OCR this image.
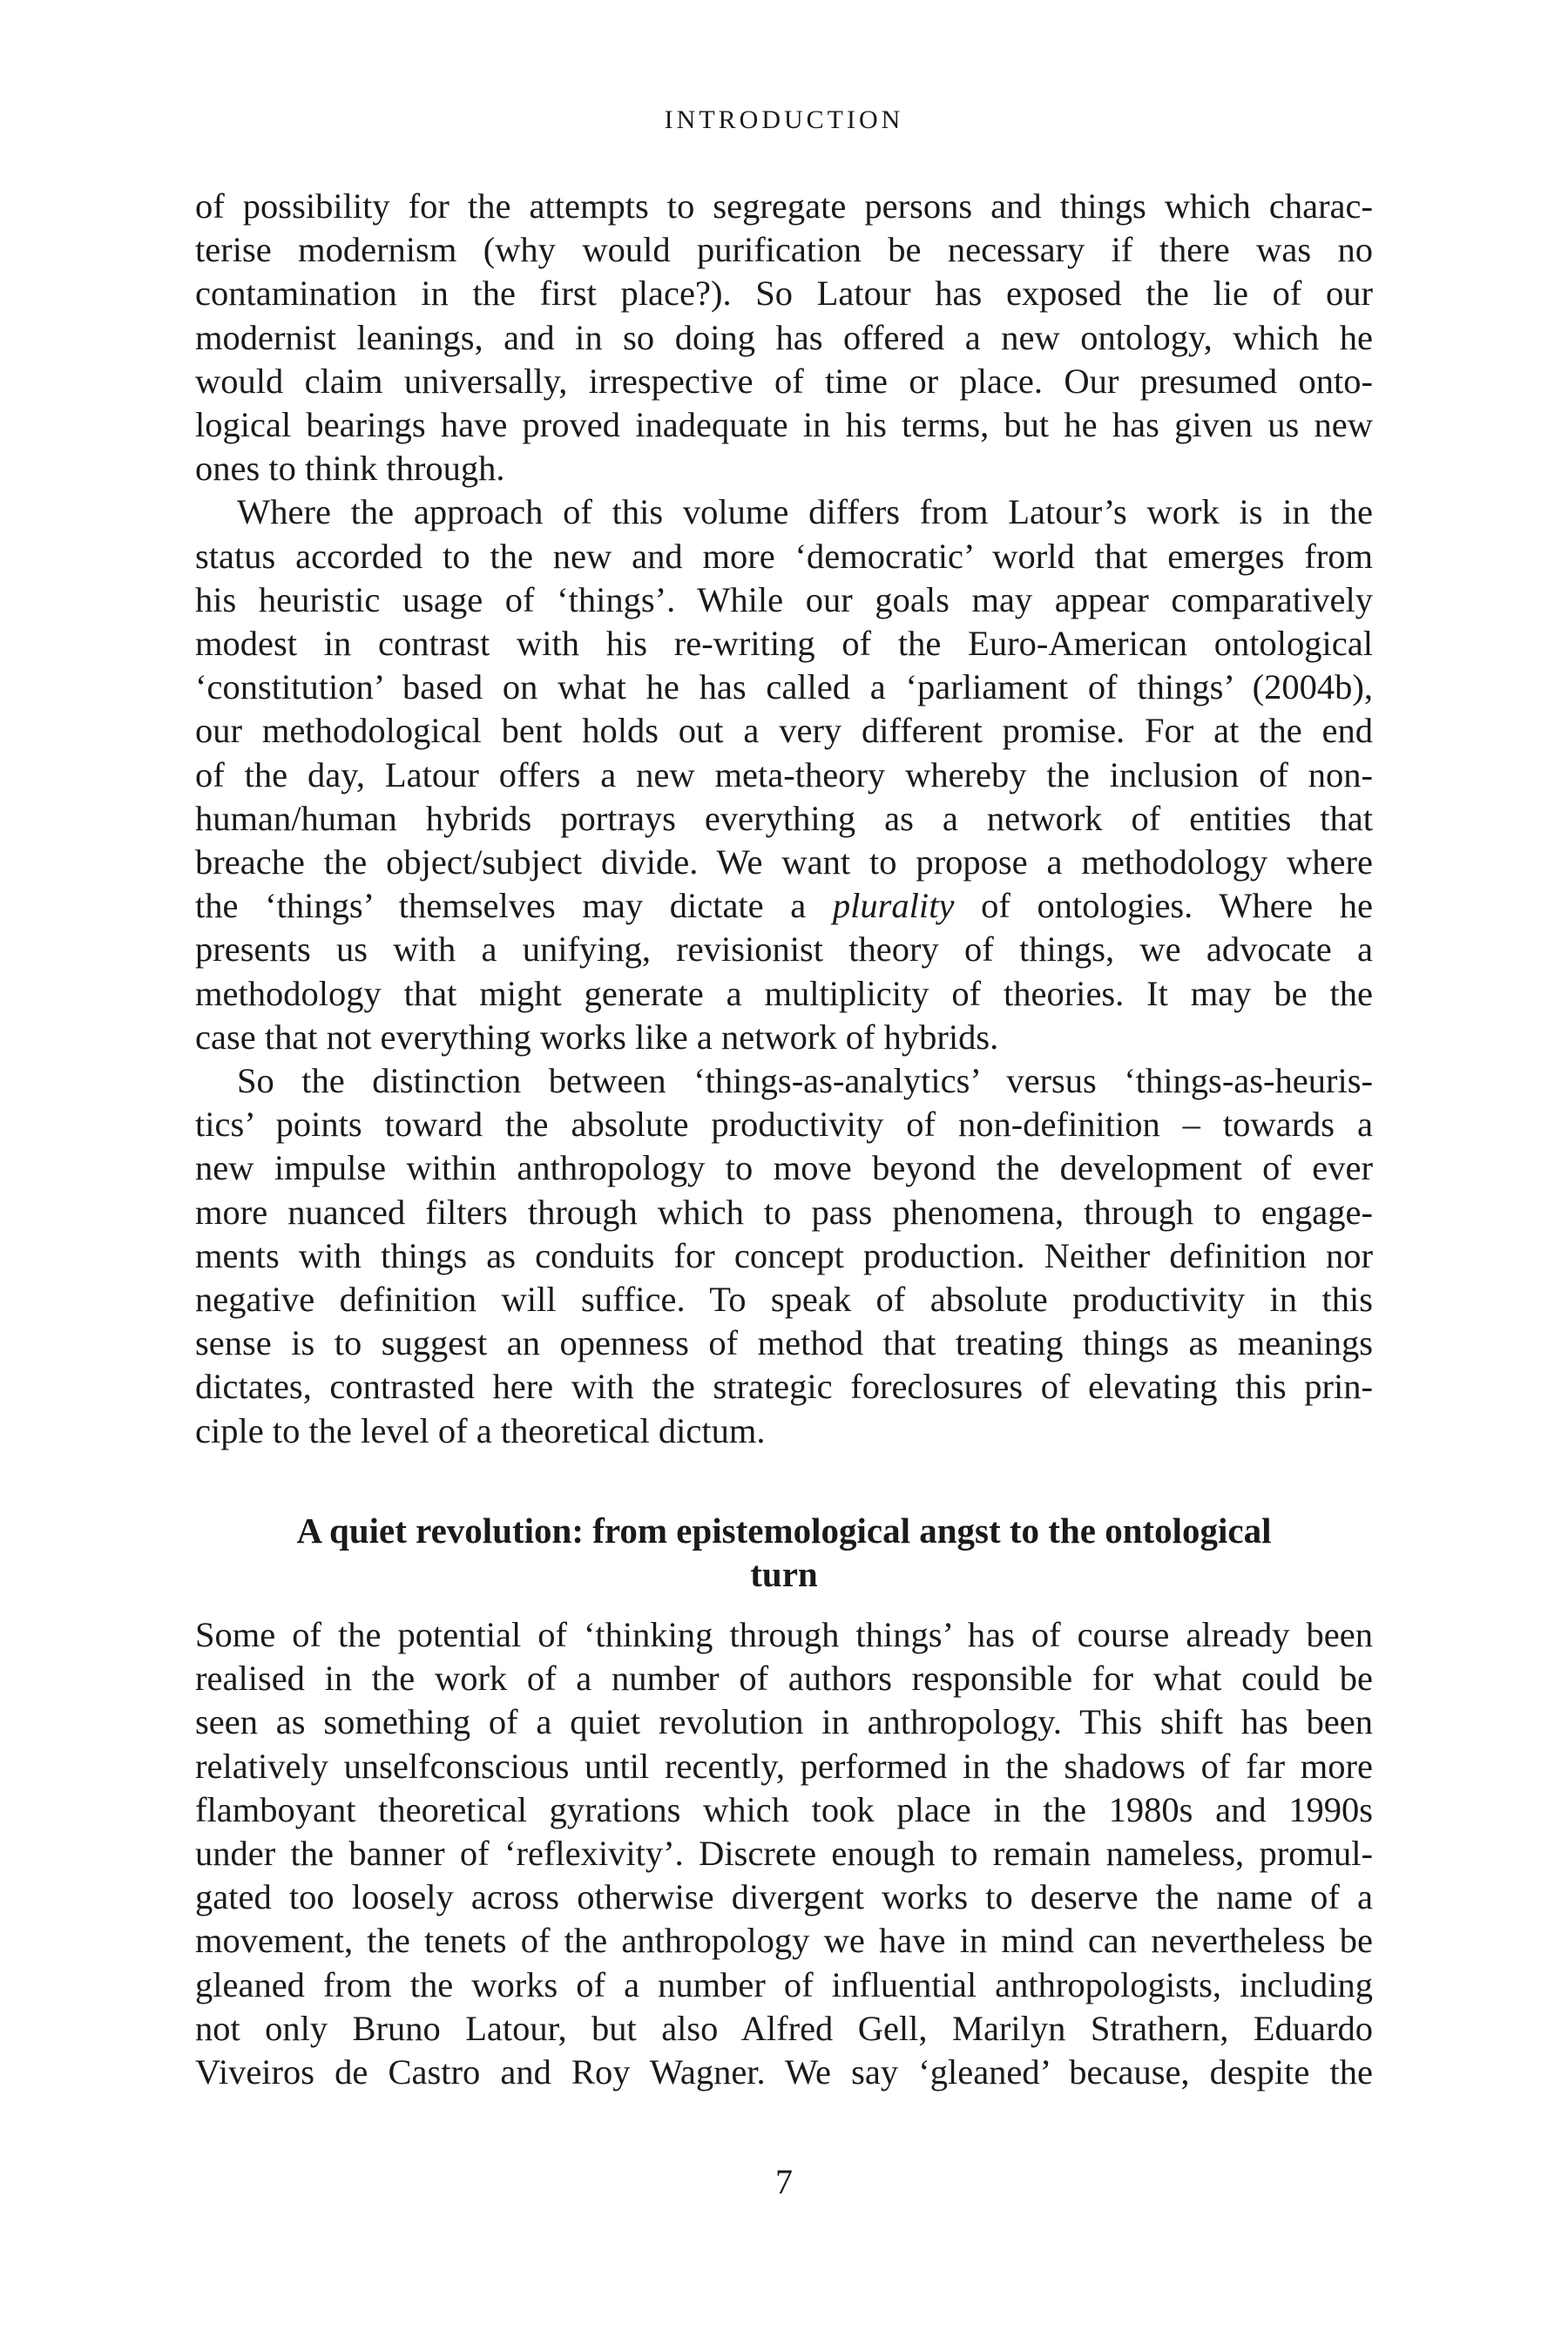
INTRODUCTION
of possibility for the attempts to segregate persons and things which charac-
terise modernism (why would purification be necessary if there was no
contamination in the first place?). So Latour has exposed the lie of our
modernist leanings, and in so doing has offered a new ontology, which he
would claim universally, irrespective of time or place. Our presumed onto-
logical bearings have proved inadequate in his terms, but he has given us new
ones to think through.
Where the approach of this volume differs from Latour’s work is in the
status accorded to the new and more ‘democratic’ world that emerges from
his heuristic usage of ‘things’. While our goals may appear comparatively
modest in contrast with his re-writing of the Euro-American ontological
‘constitution’ based on what he has called a ‘parliament of things’ (2004b),
our methodological bent holds out a very different promise. For at the end
of the day, Latour offers a new meta-theory whereby the inclusion of non-
human/human hybrids portrays everything as a network of entities that
breache the object/subject divide. We want to propose a methodology where
the ‘things’ themselves may dictate a plurality of ontologies. Where he
presents us with a unifying, revisionist theory of things, we advocate a
methodology that might generate a multiplicity of theories. It may be the
case that not everything works like a network of hybrids.
So the distinction between ‘things-as-analytics’ versus ‘things-as-heuris-
tics’ points toward the absolute productivity of non-definition – towards a
new impulse within anthropology to move beyond the development of ever
more nuanced filters through which to pass phenomena, through to engage-
ments with things as conduits for concept production. Neither definition nor
negative definition will suffice. To speak of absolute productivity in this
sense is to suggest an openness of method that treating things as meanings
dictates, contrasted here with the strategic foreclosures of elevating this prin-
ciple to the level of a theoretical dictum.
A quiet revolution: from epistemological angst to the ontological
turn
Some of the potential of ‘thinking through things’ has of course already been
realised in the work of a number of authors responsible for what could be
seen as something of a quiet revolution in anthropology. This shift has been
relatively unselfconscious until recently, performed in the shadows of far more
flamboyant theoretical gyrations which took place in the 1980s and 1990s
under the banner of ‘reflexivity’. Discrete enough to remain nameless, promul-
gated too loosely across otherwise divergent works to deserve the name of a
movement, the tenets of the anthropology we have in mind can nevertheless be
gleaned from the works of a number of influential anthropologists, including
not only Bruno Latour, but also Alfred Gell, Marilyn Strathern, Eduardo
Viveiros de Castro and Roy Wagner. We say ‘gleaned’ because, despite the
7
